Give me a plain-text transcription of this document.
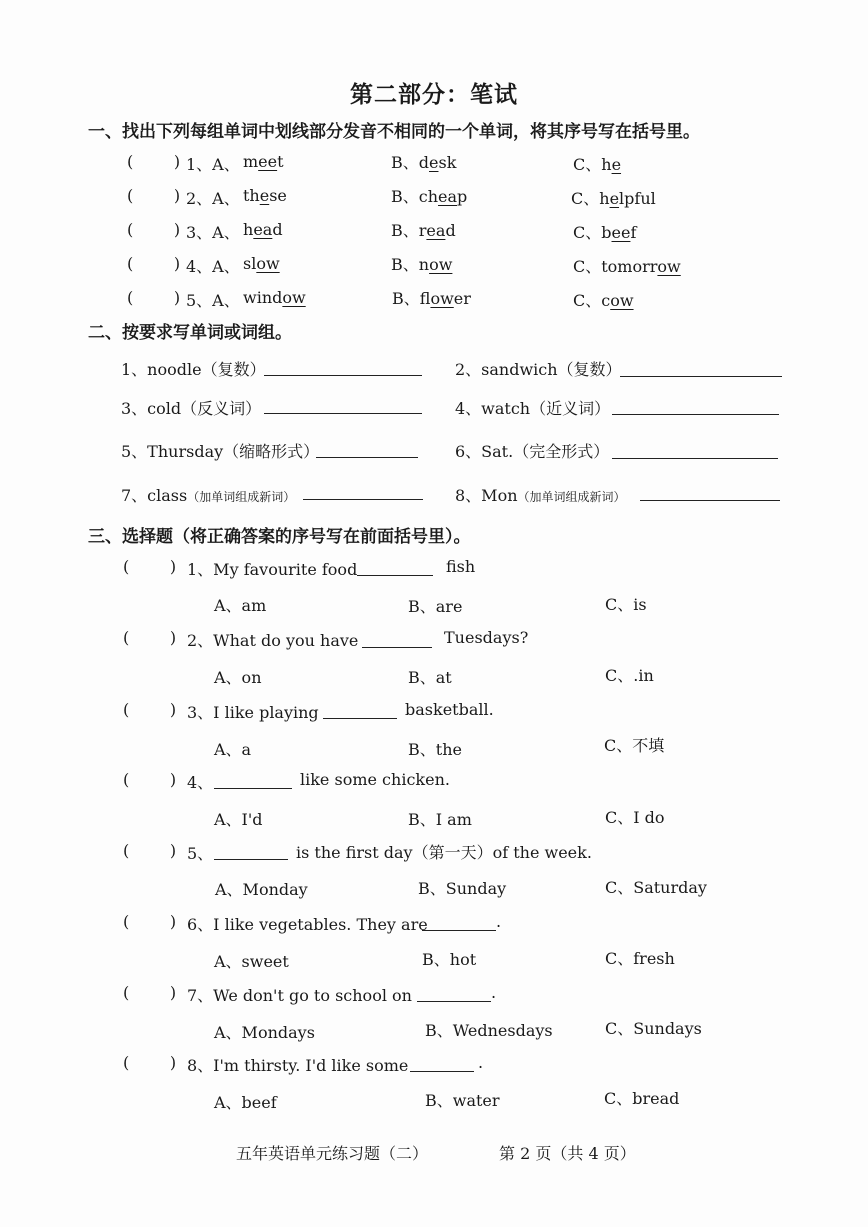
第二部分：笔试
一、找出下列每组单词中划线部分发音不相同的一个单词，将其序号写在括号里。
(        ) 1、A、 meet	B、desk	C、he
(        ) 2、A、 these	B、cheap	C、helpful
(        ) 3、A、 head	B、read	C、beef
(        ) 4、A、 slow	B、now	C、tomorrow
(        ) 5、A、 window	B、flower	C、cow
二、按要求写单词或词组。
1、noodle（复数）	2、sandwich（复数）
3、cold（反义词）	4、watch（近义词）
5、Thursday（缩略形式）	6、Sat.（完全形式）
7、class（加单词组成新词）	8、Mon（加单词组成新词）
三、选择题（将正确答案的序号写在前面括号里）。
(        ) 1、My favourite food	fish
A、am	B、are	C、is
(        ) 2、What do you have	Tuesdays?
A、on	B、at	C、.in
(        ) 3、I like playing	basketball.
A、a	B、the	C、不填
(        ) 4、	like some chicken.
A、I'd	B、I am	C、I do
(        ) 5、	is the first day（第一天）of the week.
A、Monday	B、Sunday	C、Saturday
(        ) 6、I like vegetables. They are	.
A、sweet	B、hot	C、fresh
(        ) 7、We don't go to school on	.
A、Mondays	B、Wednesdays	C、Sundays
(        ) 8、I'm thirsty. I'd like some	.
A、beef	B、water	C、bread
五年英语单元练习题（二）	第 2 页（共 4 页）
